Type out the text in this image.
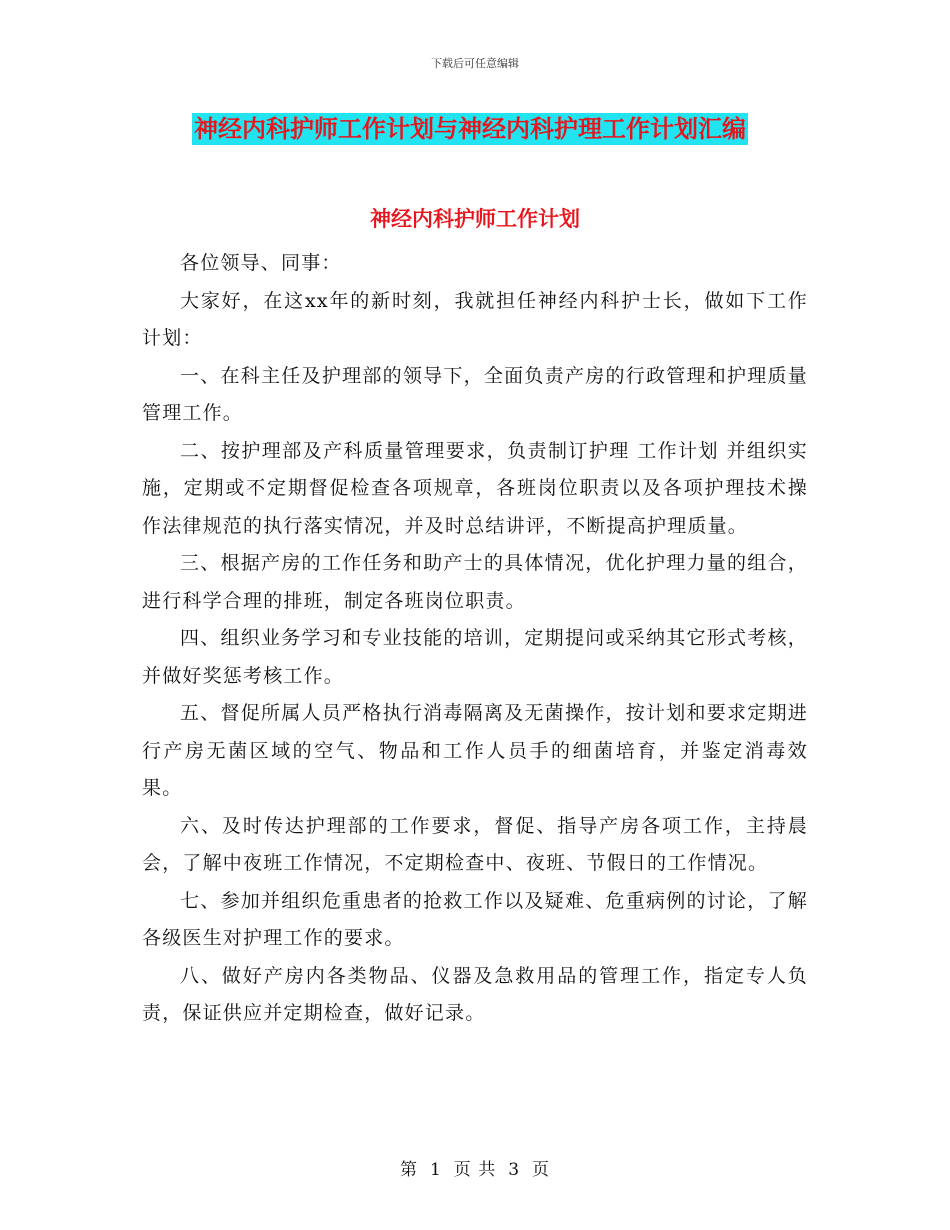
下载后可任意编辑
神经内科护师工作计划与神经内科护理工作计划汇编
神经内科护师工作计划

各位领导、同事：

大家好，在这xx年的新时刻，我就担任神经内科护士长，做如下工作计划：

一、在科主任及护理部的领导下，全面负责产房的行政管理和护理质量管理工作。

二、按护理部及产科质量管理要求，负责制订护理 工作计划 并组织实施，定期或不定期督促检查各项规章，各班岗位职责以及各项护理技术操作法律规范的执行落实情况，并及时总结讲评，不断提高护理质量。

三、根据产房的工作任务和助产士的具体情况，优化护理力量的组合，进行科学合理的排班，制定各班岗位职责。

四、组织业务学习和专业技能的培训，定期提问或采纳其它形式考核，并做好奖惩考核工作。

五、督促所属人员严格执行消毒隔离及无菌操作，按计划和要求定期进行产房无菌区域的空气、物品和工作人员手的细菌培育，并鉴定消毒效果。

六、及时传达护理部的工作要求，督促、指导产房各项工作，主持晨会，了解中夜班工作情况，不定期检查中、夜班、节假日的工作情况。

七、参加并组织危重患者的抢救工作以及疑难、危重病例的讨论，了解各级医生对护理工作的要求。

八、做好产房内各类物品、仪器及急救用品的管理工作，指定专人负责，保证供应并定期检查，做好记录。

第 1 页 共 3 页
